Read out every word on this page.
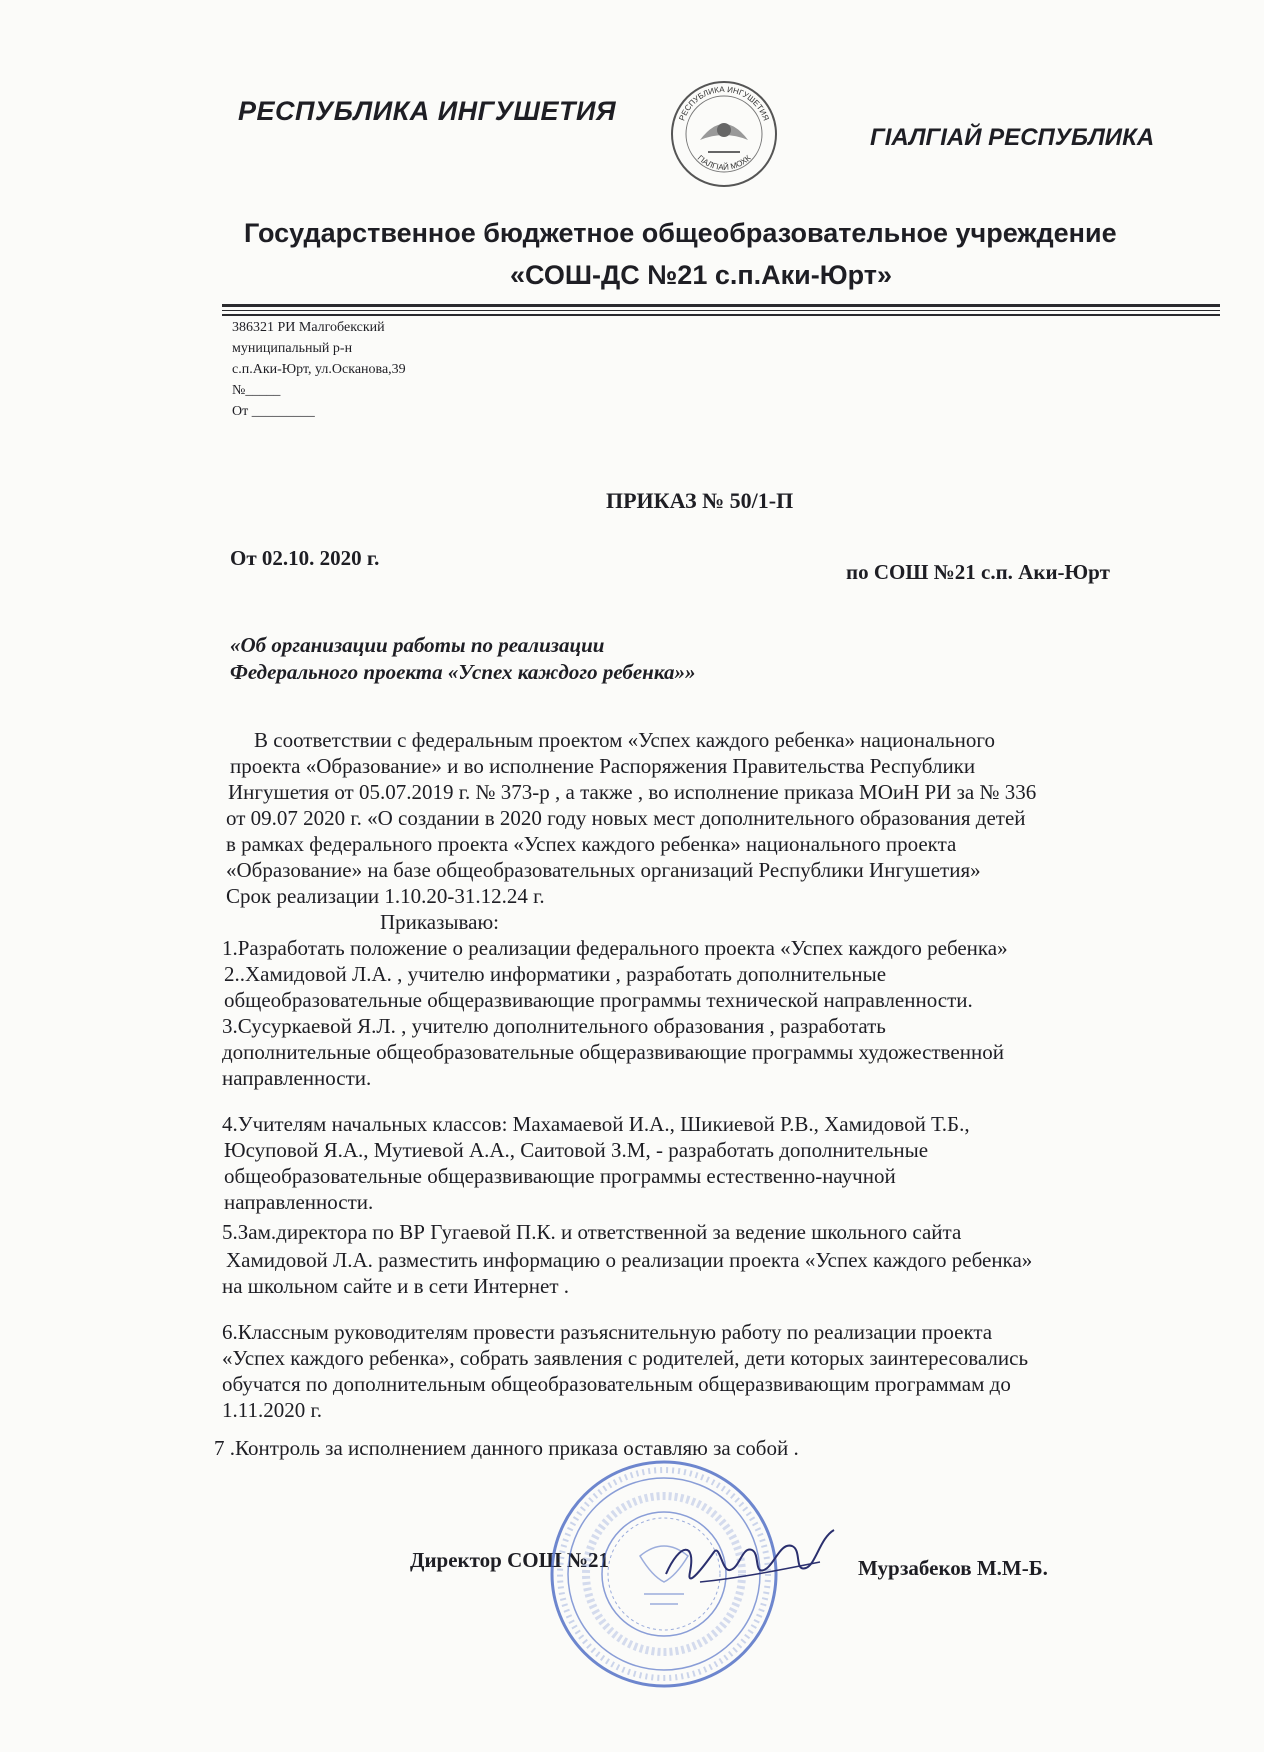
РЕСПУБЛИКА ИНГУШЕТИЯ	РЕСПУБЛИКА ИНГУШЕТИЯ
ГIАЛГIАЙ МОХК
ГIАЛГIАЙ РЕСПУБЛИКА
Государственное бюджетное общеобразовательное учреждение
«СОШ-ДС №21 с.п.Аки-Юрт»
386321 РИ Малгобекский
муниципальный р-н
с.п.Аки-Юрт, ул.Осканова,39
№_____
От _________
ПРИКАЗ № 50/1-П
От 02.10. 2020 г.
по СОШ №21 с.п. Аки-Юрт
«Об организации работы по реализации
Федерального проекта «Успех каждого ребенка»»
В соответствии с федеральным проектом «Успех каждого ребенка» национального
проекта «Образование» и во исполнение Распоряжения Правительства Республики
Ингушетия от 05.07.2019 г. № 373-р , а также , во исполнение приказа МОиН РИ за № 336
от 09.07 2020 г. «О создании в 2020 году новых мест дополнительного образования детей
в рамках федерального проекта «Успех каждого ребенка» национального проекта
«Образование» на базе общеобразовательных организаций Республики Ингушетия»
Срок реализации 1.10.20-31.12.24 г.
Приказываю:
1.Разработать положение о реализации федерального проекта «Успех каждого ребенка»
2..Хамидовой Л.А. , учителю информатики , разработать дополнительные
общеобразовательные общеразвивающие программы технической направленности.
3.Сусуркаевой Я.Л. , учителю дополнительного образования , разработать
дополнительные общеобразовательные общеразвивающие программы художественной
направленности.
4.Учителям начальных классов: Махамаевой И.А., Шикиевой Р.В., Хамидовой Т.Б.,
Юсуповой Я.А., Мутиевой А.А., Саитовой З.М, - разработать дополнительные
общеобразовательные общеразвивающие программы естественно-научной
направленности.
5.Зам.директора по ВР Гугаевой П.К. и ответственной за ведение школьного сайта
Хамидовой Л.А. разместить информацию о реализации проекта «Успех каждого ребенка»
на школьном сайте и в сети Интернет .
6.Классным руководителям провести разъяснительную работу по реализации проекта
«Успех каждого ребенка», собрать заявления с родителей, дети которых заинтересовались
обучатся по дополнительным общеобразовательным общеразвивающим программам до
1.11.2020 г.
7 .Контроль за исполнением данного приказа оставляю за собой .
Директор СОШ №21	Мурзабеков М.М-Б.
